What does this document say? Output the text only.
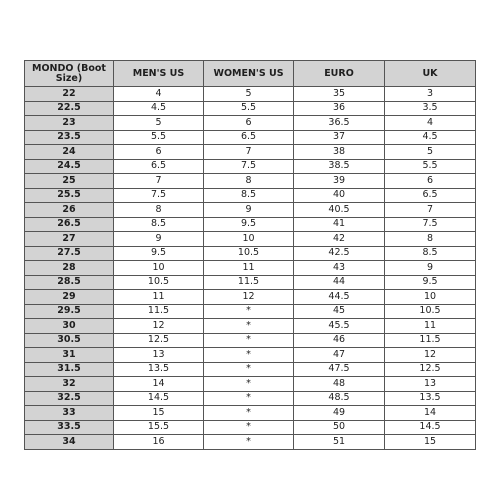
MONDO (Boot Size)	MEN'S US	WOMEN'S US	EURO	UK
22	4	5	35	3
22.5	4.5	5.5	36	3.5
23	5	6	36.5	4
23.5	5.5	6.5	37	4.5
24	6	7	38	5
24.5	6.5	7.5	38.5	5.5
25	7	8	39	6
25.5	7.5	8.5	40	6.5
26	8	9	40.5	7
26.5	8.5	9.5	41	7.5
27	9	10	42	8
27.5	9.5	10.5	42.5	8.5
28	10	11	43	9
28.5	10.5	11.5	44	9.5
29	11	12	44.5	10
29.5	11.5	*	45	10.5
30	12	*	45.5	11
30.5	12.5	*	46	11.5
31	13	*	47	12
31.5	13.5	*	47.5	12.5
32	14	*	48	13
32.5	14.5	*	48.5	13.5
33	15	*	49	14
33.5	15.5	*	50	14.5
34	16	*	51	15
